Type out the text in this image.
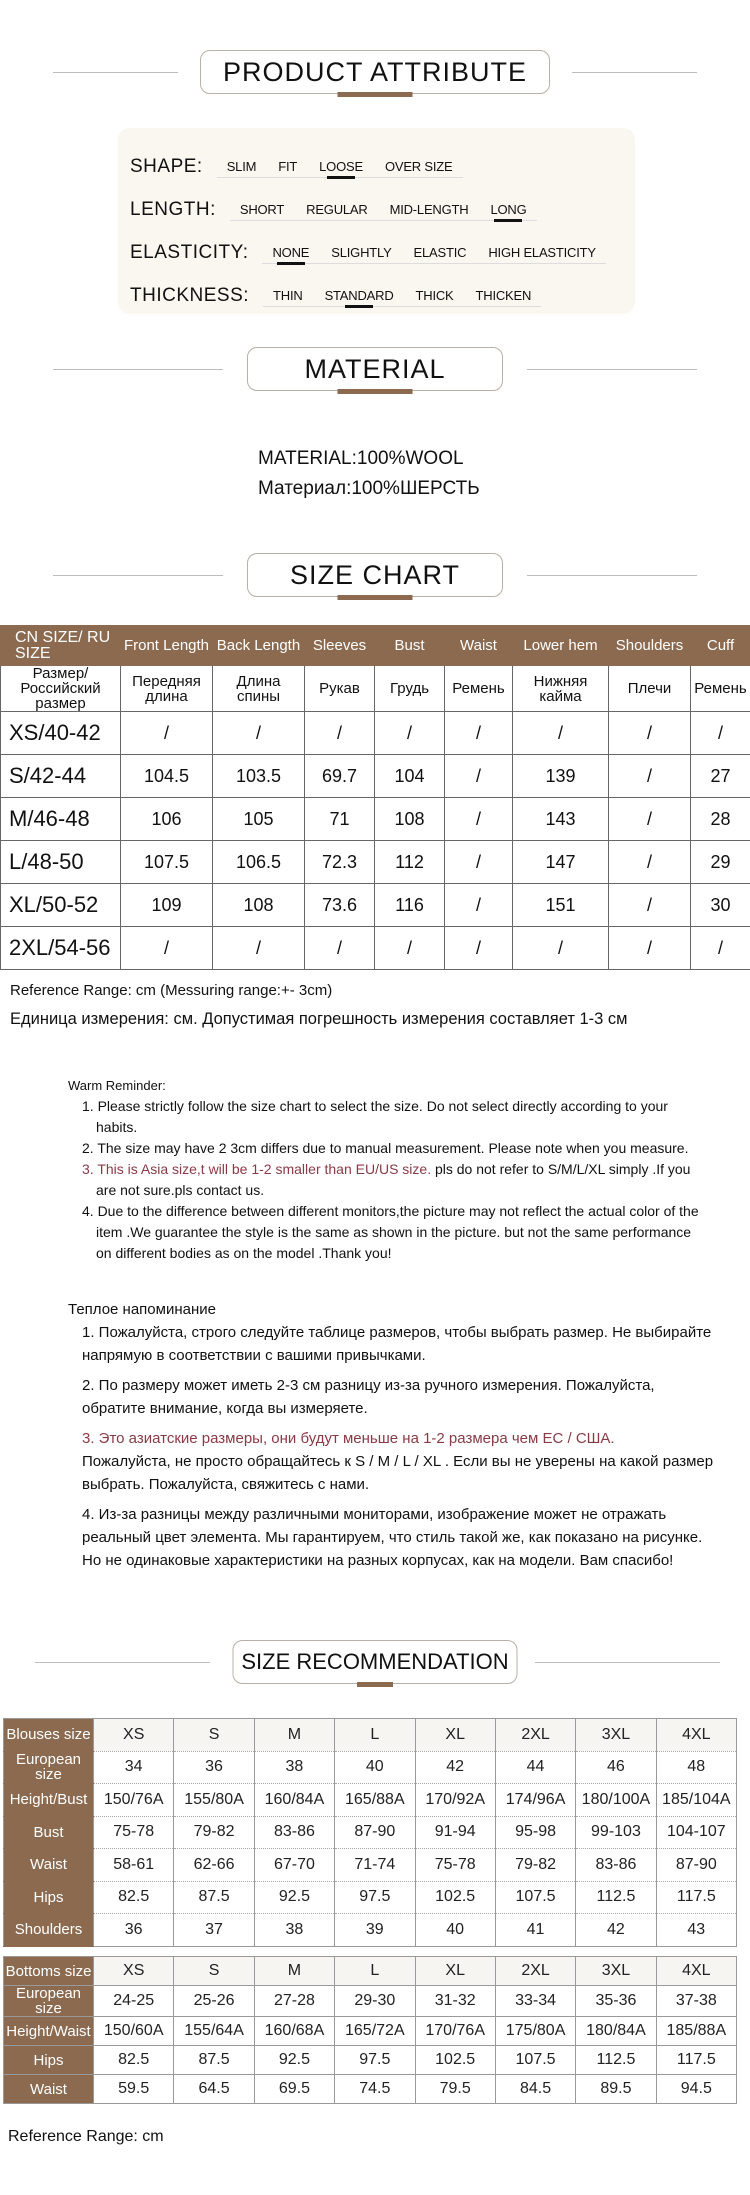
PRODUCT ATTRIBUTE
SHAPE: SLIM FIT LOOSE OVER SIZE
LENGTH: SHORT REGULAR MID-LENGTH LONG
ELASTICITY: NONE SLIGHTLY ELASTIC HIGH ELASTICITY
THICKNESS: THIN STANDARD THICK THICKEN
MATERIAL
MATERIAL:100%WOOL
Материал:100%ШЕРСТЬ
SIZE CHART
CN SIZE/ RU SIZE	Front Length	Back Length	Sleeves	Bust	Waist	Lower hem	Shoulders	Cuff
Размер/ Российский размер	Передняя длина	Длина спины	Рукав	Грудь	Ремень	Нижняя кайма	Плечи	Ремень
XS/40-42	/	/	/	/	/	/	/	/
S/42-44	104.5	103.5	69.7	104	/	139	/	27
M/46-48	106	105	71	108	/	143	/	28
L/48-50	107.5	106.5	72.3	112	/	147	/	29
XL/50-52	109	108	73.6	116	/	151	/	30
2XL/54-56	/	/	/	/	/	/	/	/
Reference Range: cm (Messuring range:+- 3cm)
Единица измерения: см. Допустимая погрешность измерения составляет 1-3 см
Warm Reminder:
1. Please strictly follow the size chart to select the size. Do not select directly according to your habits.
2. The size may have 2 3cm differs due to manual measurement. Please note when you measure.
3. This is Asia size,t will be 1-2 smaller than EU/US size. pls do not refer to S/M/L/XL simply .If you are not sure.pls contact us.
4. Due to the difference between different monitors,the picture may not reflect the actual color of the item .We guarantee the style is the same as shown in the picture. but not the same performance on different bodies as on the model .Thank you!
Теплое напоминание
1. Пожалуйста, строго следуйте таблице размеров, чтобы выбрать размер. Не выбирайте напрямую в соответствии с вашими привычками.
2. По размеру может иметь 2-3 см разницу из-за ручного измерения. Пожалуйста, обратите внимание, когда вы измеряете.
3. Это азиатские размеры, они будут меньше на 1-2 размера чем ЕС / США.
Пожалуйста, не просто обращайтесь к S / M / L / XL . Если вы не уверены на какой размер выбрать. Пожалуйста, свяжитесь с нами.
4. Из-за разницы между различными мониторами, изображение может не отражать реальный цвет элемента. Мы гарантируем, что стиль такой же, как показано на рисунке. Но не одинаковые характеристики на разных корпусах, как на модели. Вам спасибо!
SIZE RECOMMENDATION
Blouses size	XS	S	M	L	XL	2XL	3XL	4XL
European size	34	36	38	40	42	44	46	48
Height/Bust	150/76A	155/80A	160/84A	165/88A	170/92A	174/96A	180/100A	185/104A
Bust	75-78	79-82	83-86	87-90	91-94	95-98	99-103	104-107
Waist	58-61	62-66	67-70	71-74	75-78	79-82	83-86	87-90
Hips	82.5	87.5	92.5	97.5	102.5	107.5	112.5	117.5
Shoulders	36	37	38	39	40	41	42	43
Bottoms size	XS	S	M	L	XL	2XL	3XL	4XL
European size	24-25	25-26	27-28	29-30	31-32	33-34	35-36	37-38
Height/Waist	150/60A	155/64A	160/68A	165/72A	170/76A	175/80A	180/84A	185/88A
Hips	82.5	87.5	92.5	97.5	102.5	107.5	112.5	117.5
Waist	59.5	64.5	69.5	74.5	79.5	84.5	89.5	94.5
Reference Range: cm
